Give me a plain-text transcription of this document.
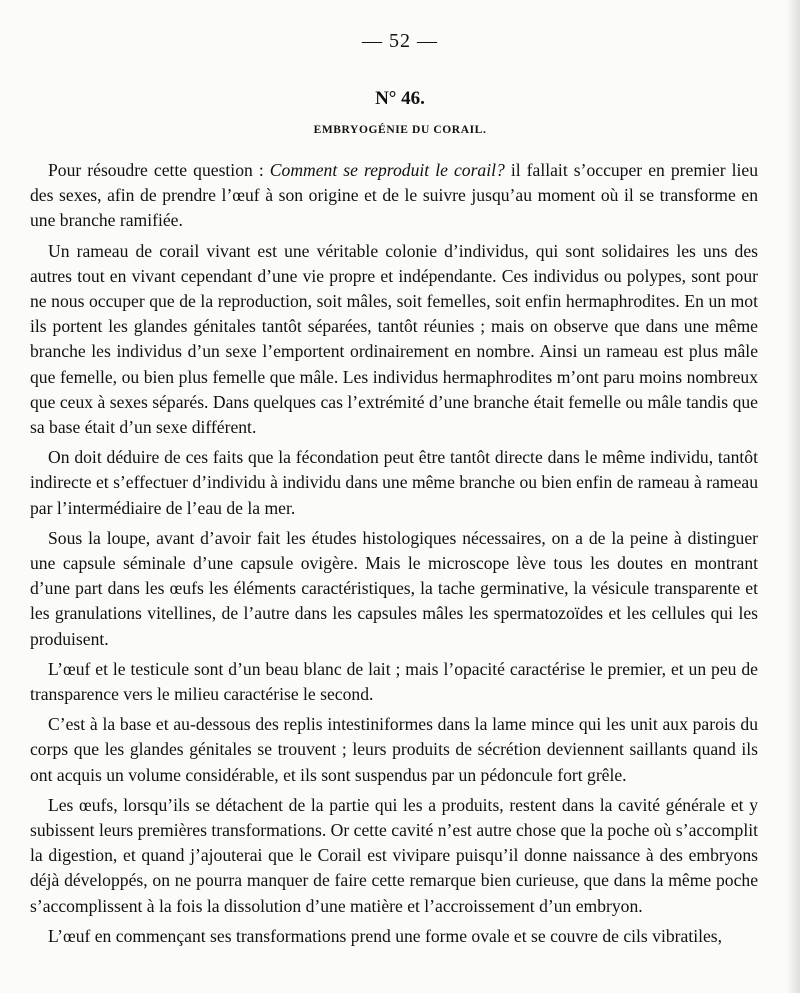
— 52 —
N° 46.
EMBRYOGÉNIE DU CORAIL.

Pour résoudre cette question : Comment se reproduit le corail? il fallait s’occuper en premier lieu des sexes, afin de prendre l’œuf à son origine et de le suivre jusqu’au moment où il se transforme en une branche ramifiée.

Un rameau de corail vivant est une véritable colonie d’individus, qui sont solidaires les uns des autres tout en vivant cependant d’une vie propre et indépendante. Ces individus ou polypes, sont pour ne nous occuper que de la reproduction, soit mâles, soit femelles, soit enfin hermaphrodites. En un mot ils portent les glandes génitales tantôt séparées, tantôt réunies ; mais on observe que dans une même branche les individus d’un sexe l’emportent ordinairement en nombre. Ainsi un rameau est plus mâle que femelle, ou bien plus femelle que mâle. Les individus hermaphrodites m’ont paru moins nombreux que ceux à sexes séparés. Dans quelques cas l’extrémité d’une branche était femelle ou mâle tandis que sa base était d’un sexe différent.

On doit déduire de ces faits que la fécondation peut être tantôt directe dans le même individu, tantôt indirecte et s’effectuer d’individu à individu dans une même branche ou bien enfin de rameau à rameau par l’intermédiaire de l’eau de la mer.

Sous la loupe, avant d’avoir fait les études histologiques nécessaires, on a de la peine à distinguer une capsule séminale d’une capsule ovigère. Mais le microscope lève tous les doutes en montrant d’une part dans les œufs les éléments caractéristiques, la tache germinative, la vésicule transparente et les granulations vitellines, de l’autre dans les capsules mâles les spermatozoïdes et les cellules qui les produisent.

L’œuf et le testicule sont d’un beau blanc de lait ; mais l’opacité caractérise le premier, et un peu de transparence vers le milieu caractérise le second.

C’est à la base et au-dessous des replis intestiniformes dans la lame mince qui les unit aux parois du corps que les glandes génitales se trouvent ; leurs produits de sécrétion deviennent saillants quand ils ont acquis un volume considérable, et ils sont suspendus par un pédoncule fort grêle.

Les œufs, lorsqu’ils se détachent de la partie qui les a produits, restent dans la cavité générale et y subissent leurs premières transformations. Or cette cavité n’est autre chose que la poche où s’accomplit la digestion, et quand j’ajouterai que le Corail est vivipare puisqu’il donne naissance à des embryons déjà développés, on ne pourra manquer de faire cette remarque bien curieuse, que dans la même poche s’accomplissent à la fois la dissolution d’une matière et l’accroissement d’un embryon.

L’œuf en commençant ses transformations prend une forme ovale et se couvre de cils vibratiles,
